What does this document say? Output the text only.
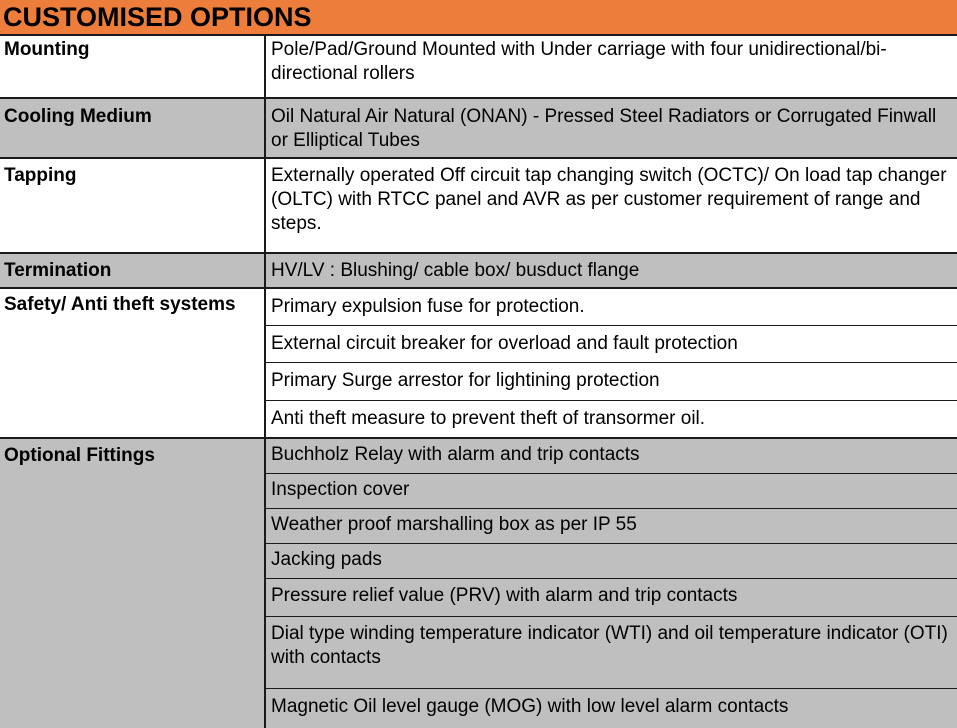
CUSTOMISED OPTIONS
Mounting	Pole/Pad/Ground Mounted with Under carriage with four unidirectional/bi-directional rollers
Cooling Medium	Oil Natural Air Natural (ONAN) - Pressed Steel Radiators or Corrugated Finwall or Elliptical Tubes
Tapping	Externally operated Off circuit tap changing switch (OCTC)/ On load tap changer (OLTC) with RTCC panel and AVR as per customer requirement of range and steps.
Termination	HV/LV : Blushing/ cable box/ busduct flange
Safety/ Anti theft systems	Primary expulsion fuse for protection.
External circuit breaker for overload and fault protection
Primary Surge arrestor for lightining protection
Anti theft measure to prevent theft of transormer oil.
Optional Fittings	Buchholz Relay with alarm and trip contacts
Inspection cover
Weather proof marshalling box as per IP 55
Jacking pads
Pressure relief value (PRV) with alarm and trip contacts
Dial type winding temperature indicator (WTI) and oil temperature indicator (OTI) with contacts
Magnetic Oil level gauge (MOG) with low level alarm contacts
